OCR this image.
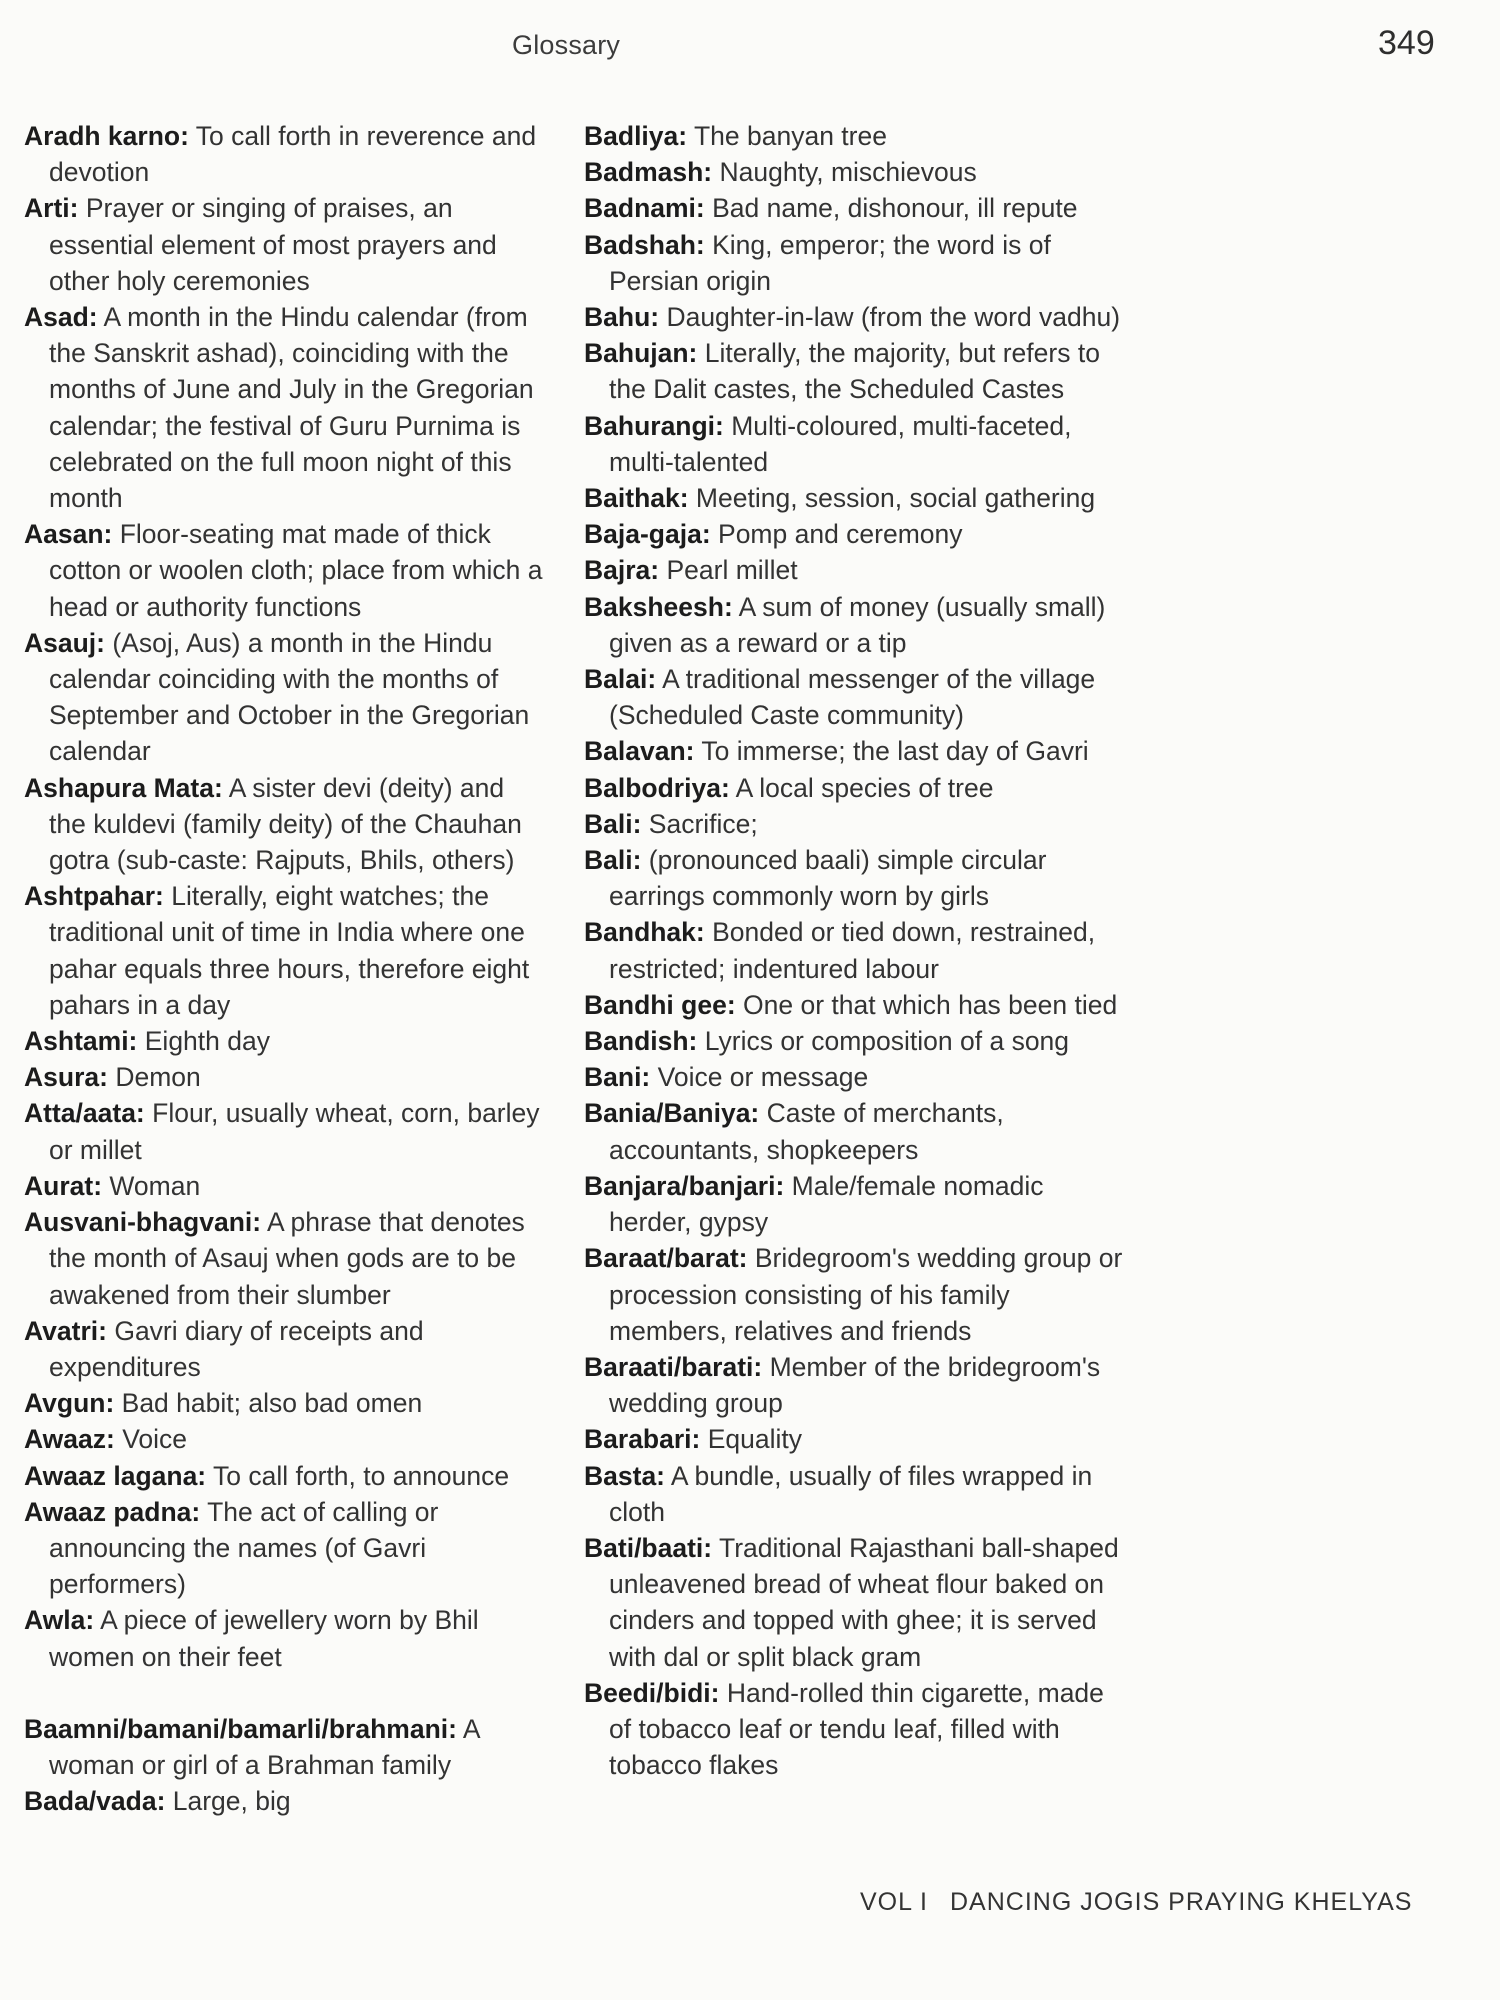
Glossary	349

Aradh karno: To call forth in reverence and devotion

Arti: Prayer or singing of praises, an essential element of most prayers and other holy ceremonies

Asad: A month in the Hindu calendar (from the Sanskrit ashad), coinciding with the months of June and July in the Gregorian calendar; the festival of Guru Purnima is celebrated on the full moon night of this month

Aasan: Floor-seating mat made of thick cotton or woolen cloth; place from which a head or authority functions

Asauj: (Asoj, Aus) a month in the Hindu calendar coinciding with the months of September and October in the Gregorian calendar

Ashapura Mata: A sister devi (deity) and the kuldevi (family deity) of the Chauhan gotra (sub-caste: Rajputs, Bhils, others)

Ashtpahar: Literally, eight watches; the traditional unit of time in India where one pahar equals three hours, therefore eight pahars in a day

Ashtami: Eighth day

Asura: Demon

Atta/aata: Flour, usually wheat, corn, barley or millet

Aurat: Woman

Ausvani-bhagvani: A phrase that denotes the month of Asauj when gods are to be awakened from their slumber

Avatri: Gavri diary of receipts and expenditures

Avgun: Bad habit; also bad omen

Awaaz: Voice

Awaaz lagana: To call forth, to announce

Awaaz padna: The act of calling or announcing the names (of Gavri performers)

Awla: A piece of jewellery worn by Bhil women on their feet

Baamni/bamani/bamarli/brahmani: A woman or girl of a Brahman family

Bada/vada: Large, big

Badliya: The banyan tree

Badmash: Naughty, mischievous

Badnami: Bad name, dishonour, ill repute

Badshah: King, emperor; the word is of Persian origin

Bahu: Daughter-in-law (from the word vadhu)

Bahujan: Literally, the majority, but refers to the Dalit castes, the Scheduled Castes

Bahurangi: Multi-coloured, multi-faceted, multi-talented

Baithak: Meeting, session, social gathering

Baja-gaja: Pomp and ceremony

Bajra: Pearl millet

Baksheesh: A sum of money (usually small) given as a reward or a tip

Balai: A traditional messenger of the village (Scheduled Caste community)

Balavan: To immerse; the last day of Gavri

Balbodriya: A local species of tree

Bali: Sacrifice;

Bali: (pronounced baali) simple circular earrings commonly worn by girls

Bandhak: Bonded or tied down, restrained, restricted; indentured labour

Bandhi gee: One or that which has been tied

Bandish: Lyrics or composition of a song

Bani: Voice or message

Bania/Baniya: Caste of merchants, accountants, shopkeepers

Banjara/banjari: Male/female nomadic herder, gypsy

Baraat/barat: Bridegroom's wedding group or procession consisting of his family members, relatives and friends

Baraati/barati: Member of the bridegroom's wedding group

Barabari: Equality

Basta: A bundle, usually of files wrapped in cloth

Bati/baati: Traditional Rajasthani ball-shaped unleavened bread of wheat flour baked on cinders and topped with ghee; it is served with dal or split black gram

Beedi/bidi: Hand-rolled thin cigarette, made of tobacco leaf or tendu leaf, filled with tobacco flakes

VOL I DANCING JOGIS PRAYING KHELYAS
